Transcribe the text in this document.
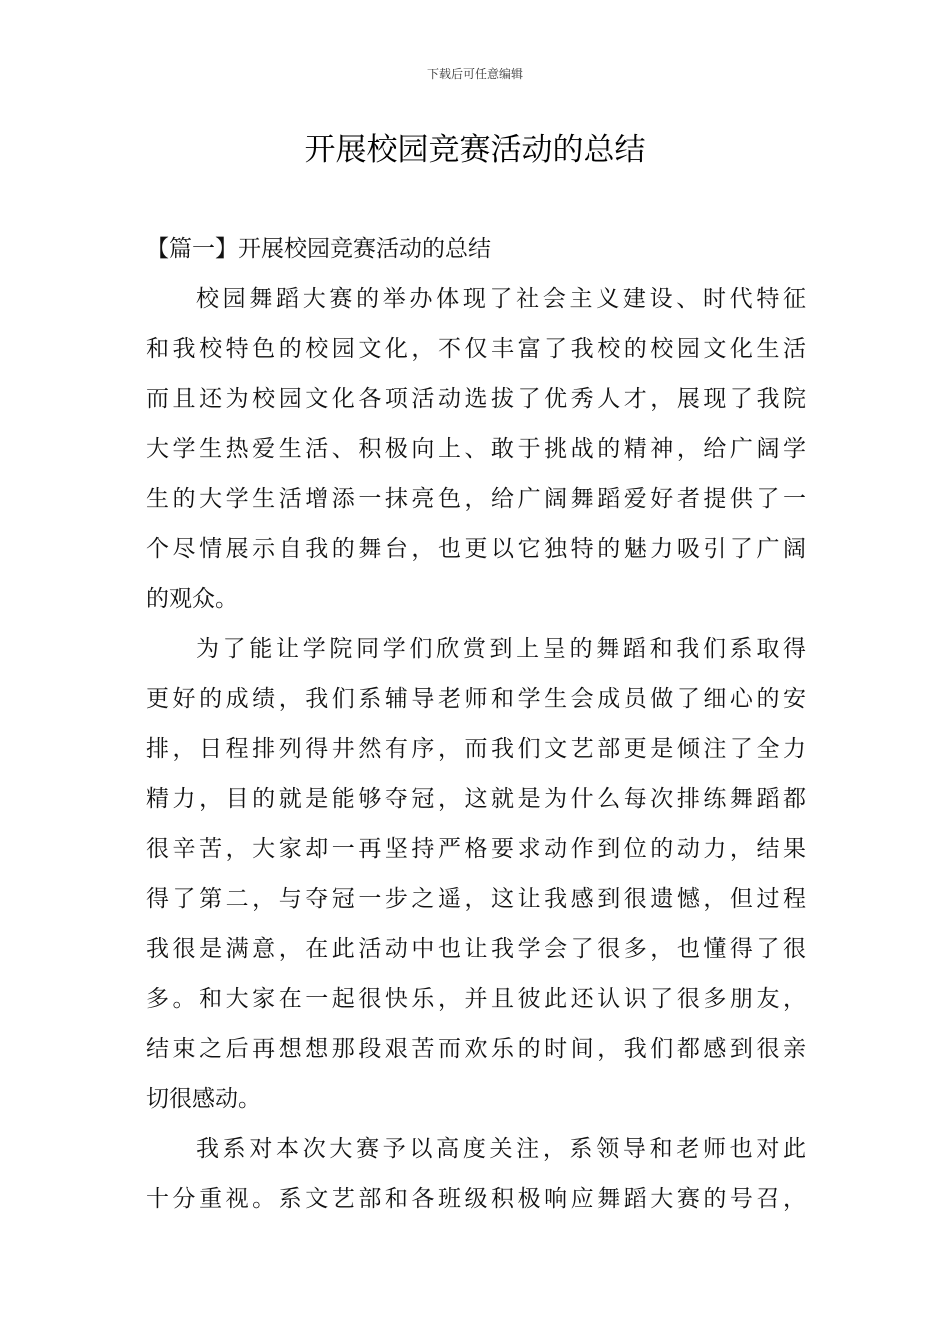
下载后可任意编辑
开展校园竞赛活动的总结
【篇一】开展校园竞赛活动的总结
校园舞蹈大赛的举办体现了社会主义建设、时代特征
和我校特色的校园文化，不仅丰富了我校的校园文化生活
而且还为校园文化各项活动选拔了优秀人才，展现了我院
大学生热爱生活、积极向上、敢于挑战的精神，给广阔学
生的大学生活增添一抹亮色，给广阔舞蹈爱好者提供了一
个尽情展示自我的舞台，也更以它独特的魅力吸引了广阔
的观众。
为了能让学院同学们欣赏到上呈的舞蹈和我们系取得
更好的成绩，我们系辅导老师和学生会成员做了细心的安
排，日程排列得井然有序，而我们文艺部更是倾注了全力
精力，目的就是能够夺冠，这就是为什么每次排练舞蹈都
很辛苦，大家却一再坚持严格要求动作到位的动力，结果
得了第二，与夺冠一步之遥，这让我感到很遗憾，但过程
我很是满意，在此活动中也让我学会了很多，也懂得了很
多。和大家在一起很快乐，并且彼此还认识了很多朋友，
结束之后再想想那段艰苦而欢乐的时间，我们都感到很亲
切很感动。
我系对本次大赛予以高度关注，系领导和老师也对此
十分重视。系文艺部和各班级积极响应舞蹈大赛的号召，
